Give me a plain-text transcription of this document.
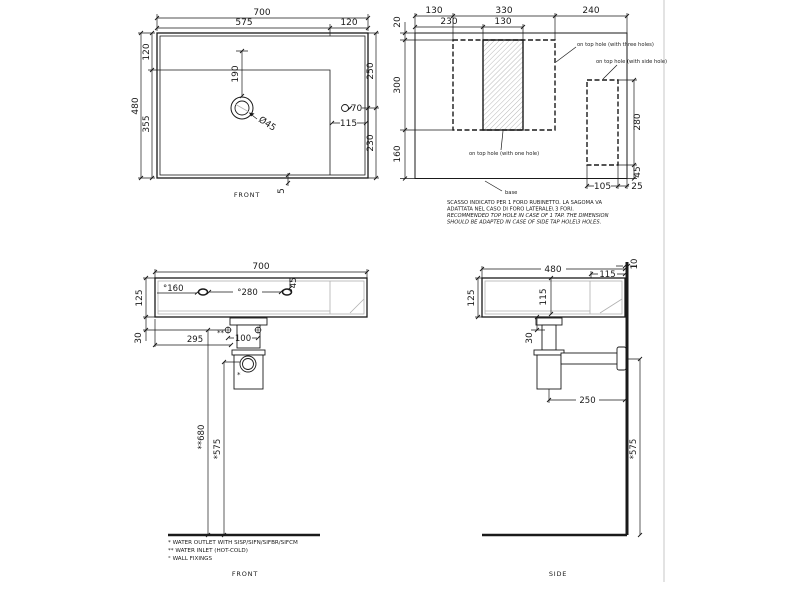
700
575	120
480
120
355
250
230
190
Ø45
70
115
5
FRONT
130	330	240
230	130
20
300
160
280
45
105 25
on top hole (with three holes)
on top hole (with side hole)
on top hole (with one hole)
base
SCASSO INDICATO PER 1 FORO RUBINETTO. LA SAGOMA VA
ADATTATA NEL CASO DI FORO LATERALE\ 3 FORI.
RECOMMENDED TOP HOLE IN CASE OF 1 TAP. THE DIMENSION
SHOULD BE ADAPTED IN CASE OF SIDE TAP HOLE\3 HOLES.
700
125
30
°160	°280
°45
295	100
**
*
**680 *575
* WATER OUTLET WITH SISP/SIFN/SIFBR/SIFCM
** WATER INLET (HOT-COLD)
° WALL FIXINGS
FRONT
480	115
10
125	115
30
250
*575
SIDE
